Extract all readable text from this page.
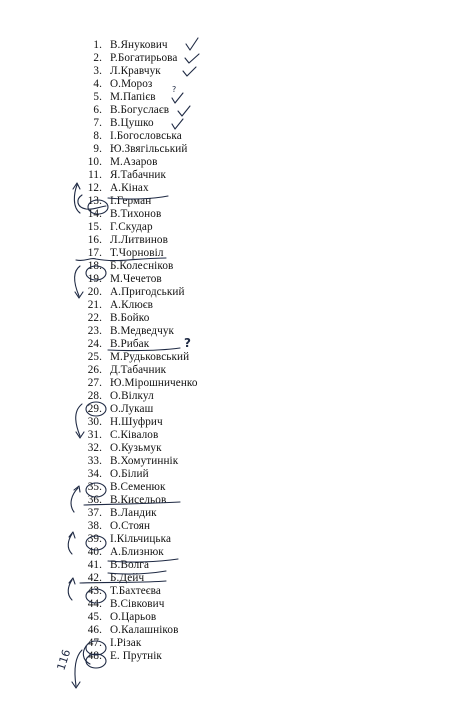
1. В.Янукович
2. Р.Богатирьова
3. Л.Кравчук
4. О.Мороз
5. М.Папієв
6. В.Богуслаєв
7. В.Цушко
8. І.Богословська
9. Ю.Звягільський
10. М.Азаров
11. Я.Табачник
12. А.Кінах
13. І.Герман
14. В.Тихонов
15. Г.Скудар
16. Л.Литвинов
17. Т.Чорновіл
18. Б.Колесніков
19. М.Чечетов
20. А.Пригодський
21. А.Клюєв
22. В.Бойко
23. В.Медведчук
24. В.Рибак
25. М.Рудьковський
26. Д.Табачник
27. Ю.Мірошниченко
28. О.Вілкул
29. О.Лукаш
30. Н.Шуфрич
31. С.Ківалов
32. О.Кузьмук
33. В.Хомутиннік
34. О.Білий
35. В.Семенюк
36. В.Кисельов
37. В.Ландик
38. О.Стоян
39. І.Кільчицька
40. А.Близнюк
41. В.Волга
42. Б.Дейч
43. Т.Бахтеєва
44. В.Сівкович
45. О.Царьов
46. О.Калашніков
47. І.Різак
48. Е. Прутнік
?
?
116
